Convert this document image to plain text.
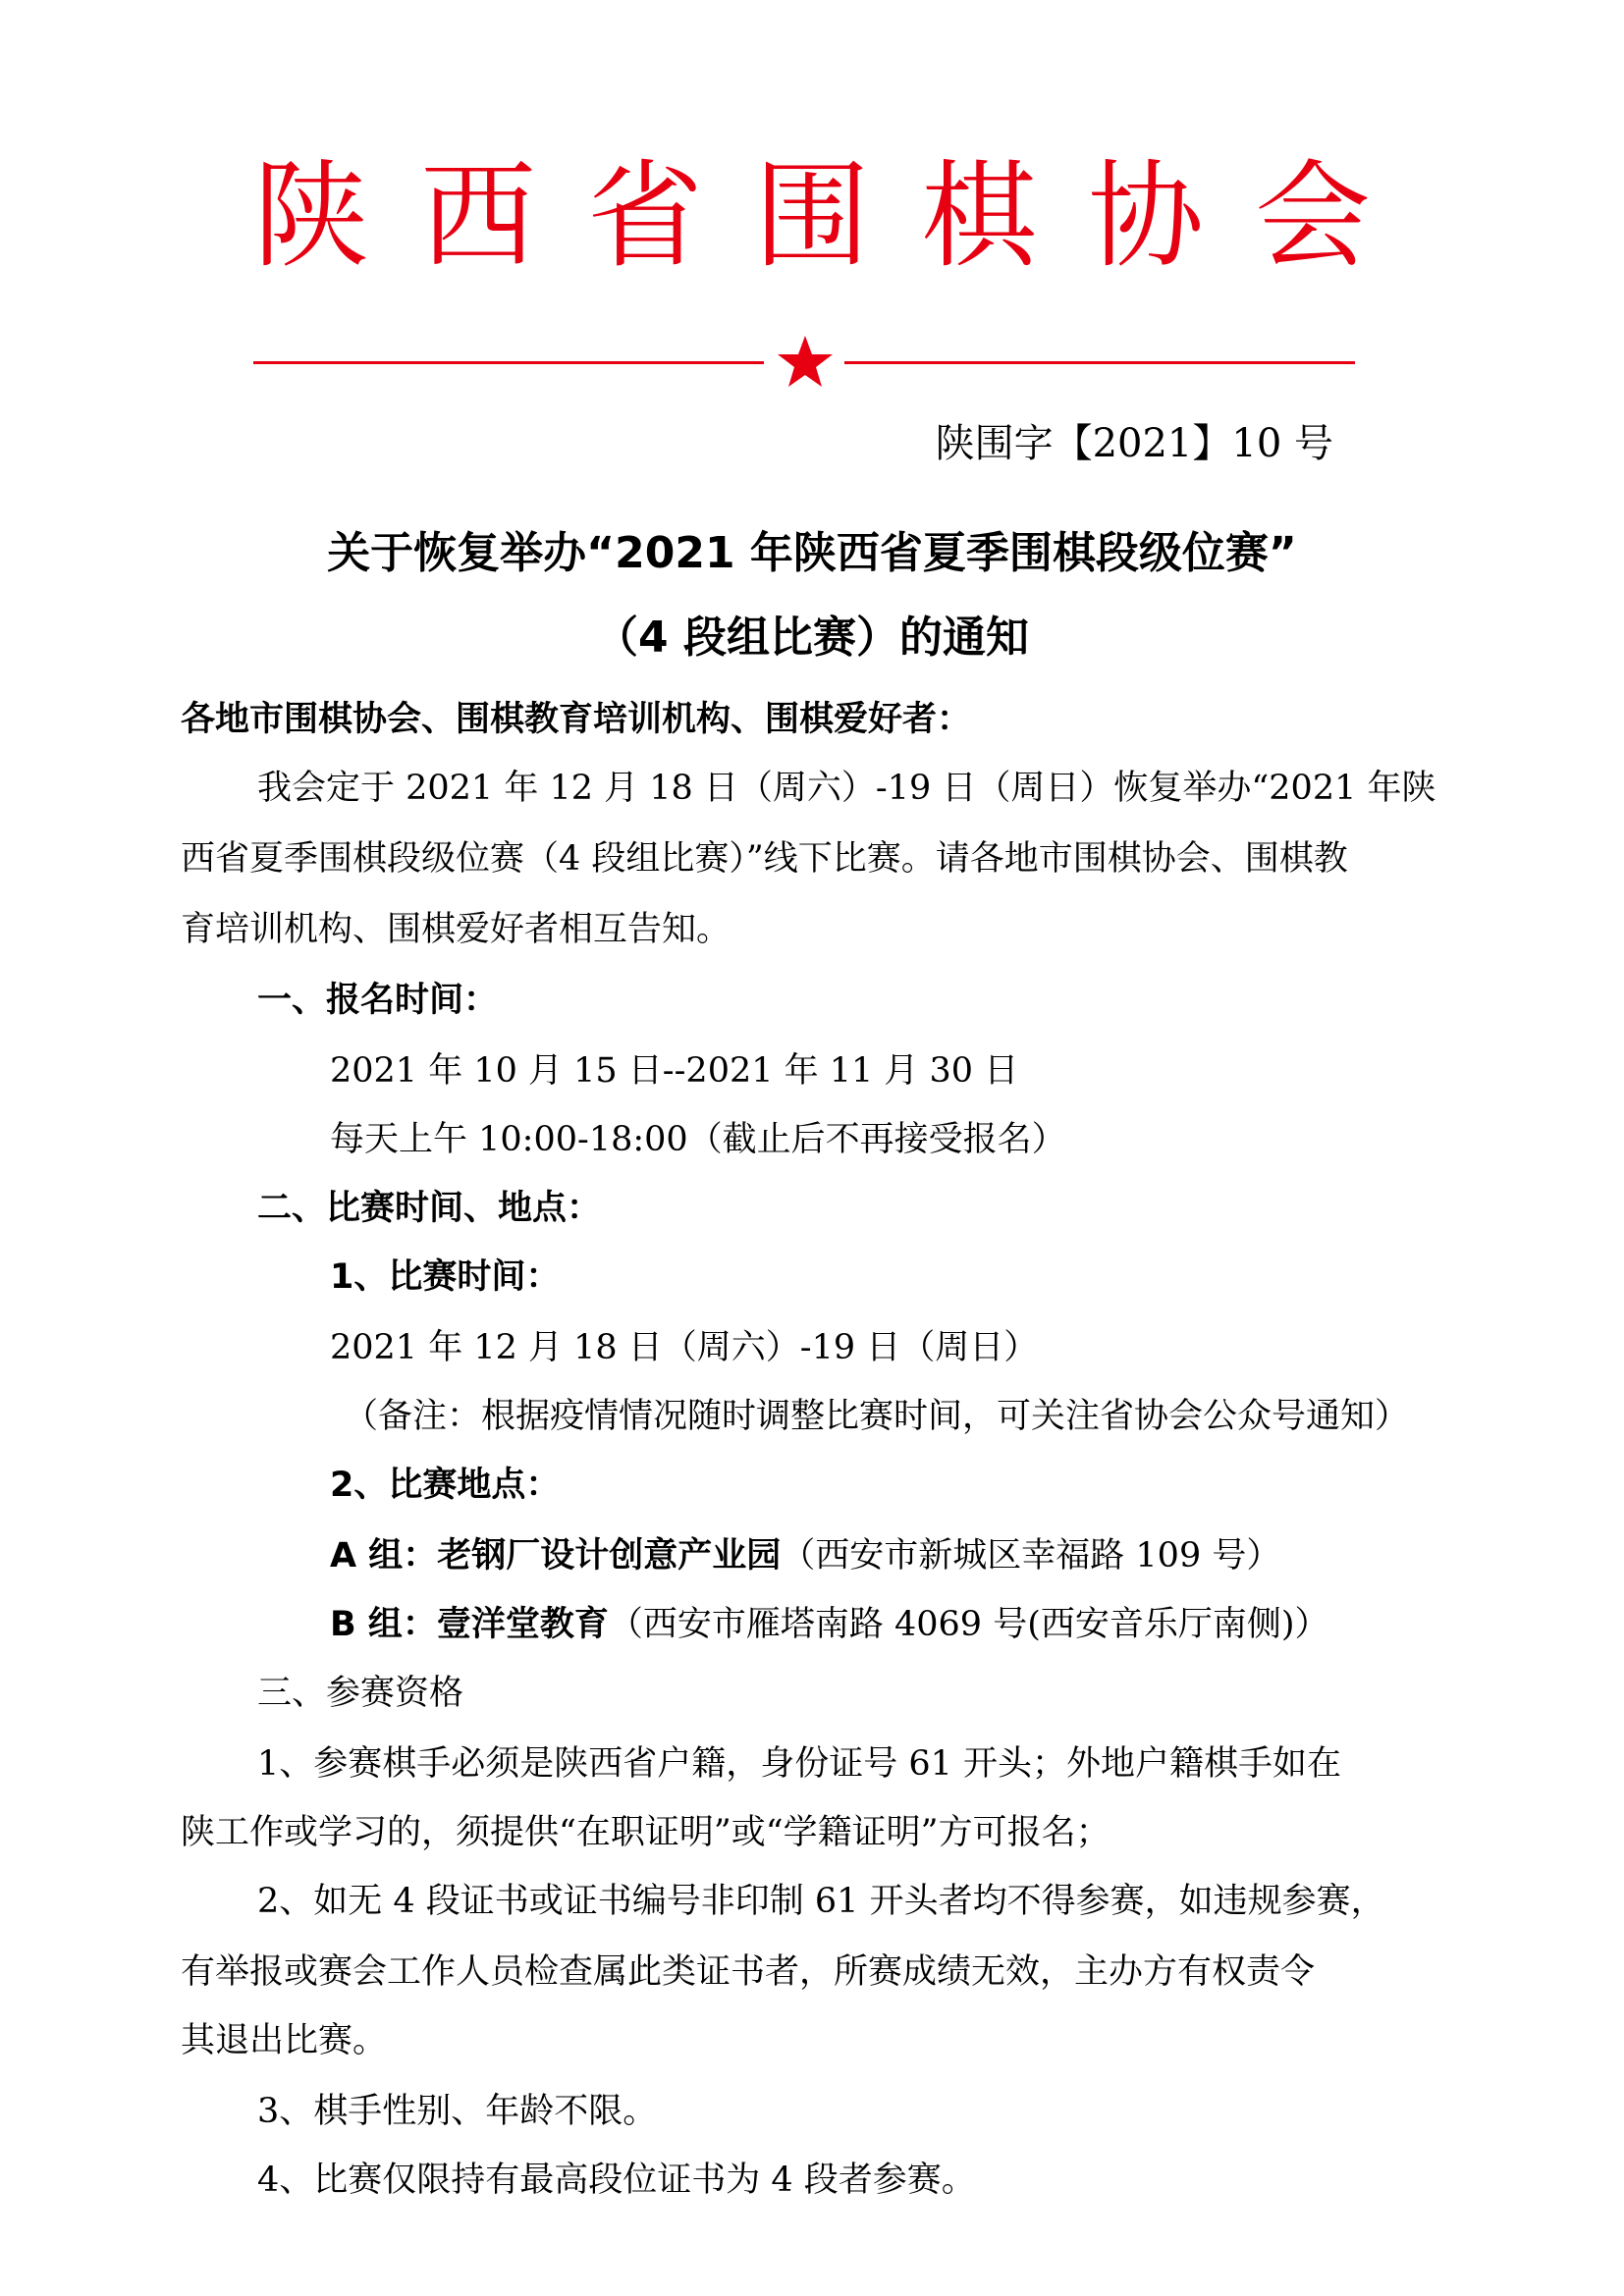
陕 西 省 围 棋 协 会
陕围字【2021】10 号
关于恢复举办“2021 年陕西省夏季围棋段级位赛”
（4 段组比赛）的通知
各地市围棋协会、围棋教育培训机构、围棋爱好者：
我会定于 2021 年 12 月 18 日（周六）-19 日（周日）恢复举办“2021 年陕
西省夏季围棋段级位赛（4 段组比赛）”线下比赛。请各地市围棋协会、围棋教
育培训机构、围棋爱好者相互告知。
一、报名时间：
2021 年 10 月 15 日--2021 年 11 月 30 日
每天上午 10:00-18:00（截止后不再接受报名）
二、比赛时间、地点：
1、比赛时间：
2021 年 12 月 18 日（周六）-19 日（周日）
（备注：根据疫情情况随时调整比赛时间，可关注省协会公众号通知）
2、比赛地点：
A 组：老钢厂设计创意产业园（西安市新城区幸福路 109 号）
B 组：壹洋堂教育（西安市雁塔南路 4069 号(西安音乐厅南侧)）
三、参赛资格
1、参赛棋手必须是陕西省户籍，身份证号 61 开头；外地户籍棋手如在
陕工作或学习的，须提供“在职证明”或“学籍证明”方可报名；
2、如无 4 段证书或证书编号非印制 61 开头者均不得参赛，如违规参赛，
有举报或赛会工作人员检查属此类证书者，所赛成绩无效，主办方有权责令
其退出比赛。
3、棋手性别、年龄不限。
4、比赛仅限持有最高段位证书为 4 段者参赛。
